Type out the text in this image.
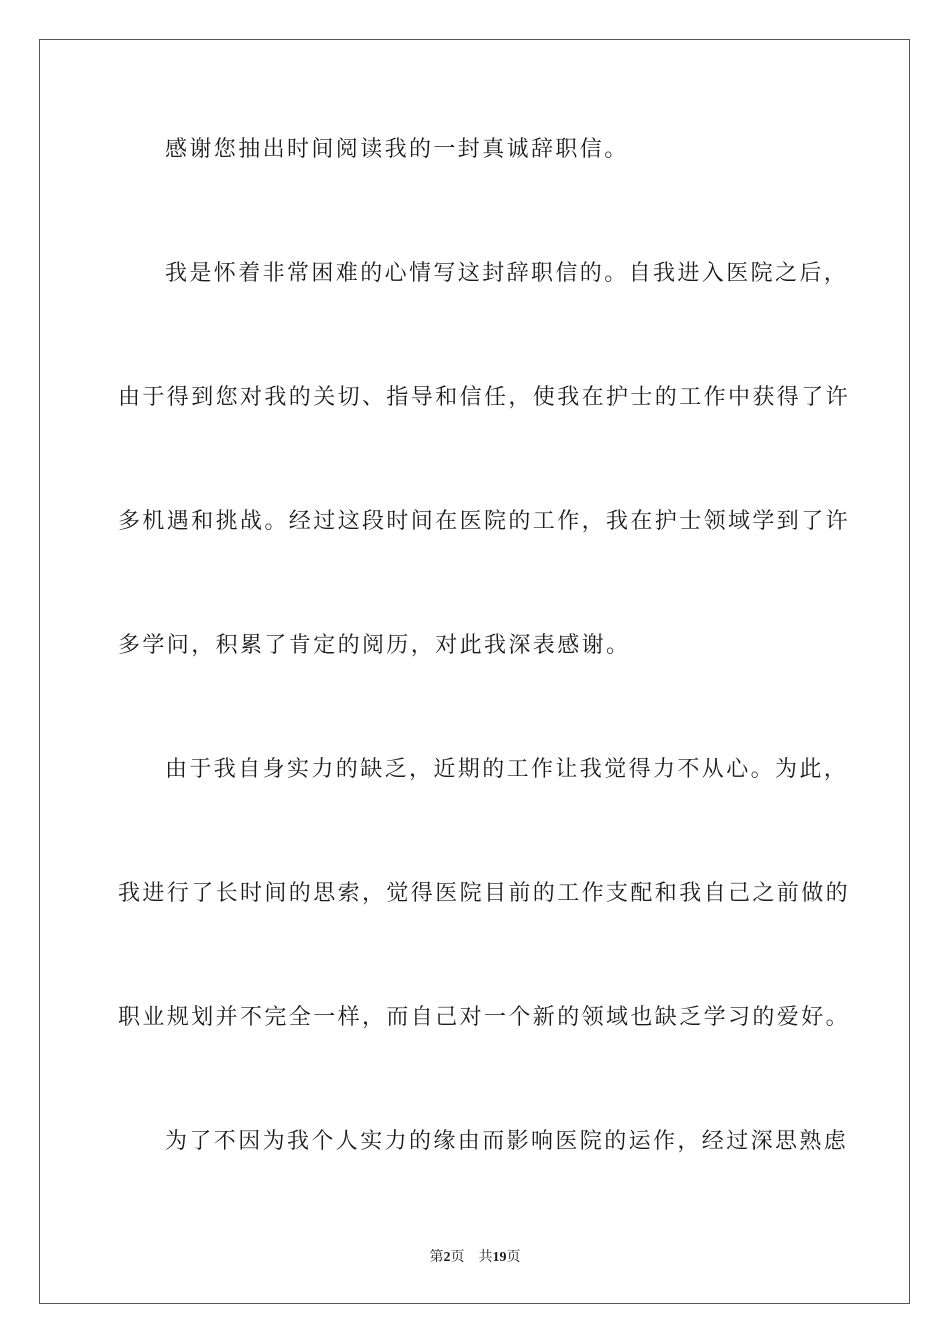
感谢您抽出时间阅读我的一封真诚辞职信。
我是怀着非常困难的心情写这封辞职信的。自我进入医院之后，
由于得到您对我的关切、指导和信任，使我在护士的工作中获得了许
多机遇和挑战。经过这段时间在医院的工作，我在护士领域学到了许
多学问，积累了肯定的阅历，对此我深表感谢。
由于我自身实力的缺乏，近期的工作让我觉得力不从心。为此，
我进行了长时间的思索，觉得医院目前的工作支配和我自己之前做的
职业规划并不完全一样，而自己对一个新的领域也缺乏学习的爱好。
为了不因为我个人实力的缘由而影响医院的运作，经过深思熟虑
第2页 共19页
